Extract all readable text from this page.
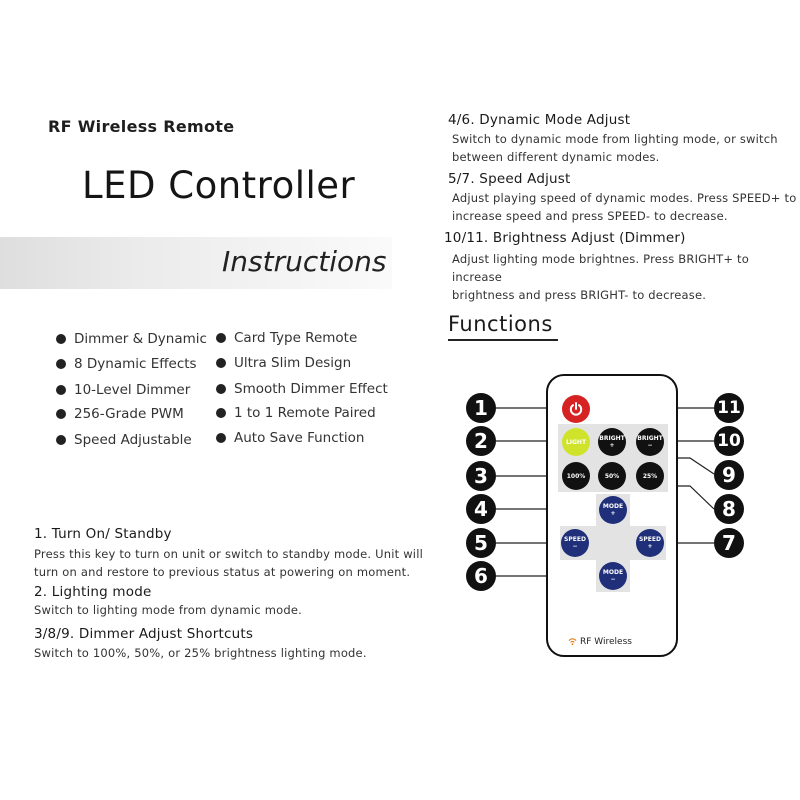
RF Wireless Remote
LED Controller
Instructions
Dimmer & Dynamic
8 Dynamic Effects
10-Level Dimmer
256-Grade PWM
Speed Adjustable
Card Type Remote
Ultra Slim Design
Smooth Dimmer Effect
1 to 1 Remote Paired
Auto Save Function
1. Turn On/ Standby
Press this key to turn on unit or switch to standby mode. Unit will
turn on and restore to previous status at powering on moment.
2. Lighting mode
Switch to lighting mode from dynamic mode.
3/8/9. Dimmer Adjust Shortcuts
Switch to 100%, 50%, or 25% brightness lighting mode.
4/6. Dynamic Mode Adjust
Switch to dynamic mode from lighting mode, or switch
between different dynamic modes.
5/7. Speed Adjust
Adjust playing speed of dynamic modes. Press SPEED+ to
increase speed and press SPEED- to decrease.
10/11. Brightness Adjust (Dimmer)
Adjust lighting mode brightnes. Press BRIGHT+ to increase
brightness and press BRIGHT- to decrease.
Functions
LIGHT BRIGHT
+
BRIGHT
−
100%	50%	25%
MODE
+
SPEED
−
SPEED
+
MODE
−
RF Wireless
1
2
3
4
5
6
7
8
9
10
11
